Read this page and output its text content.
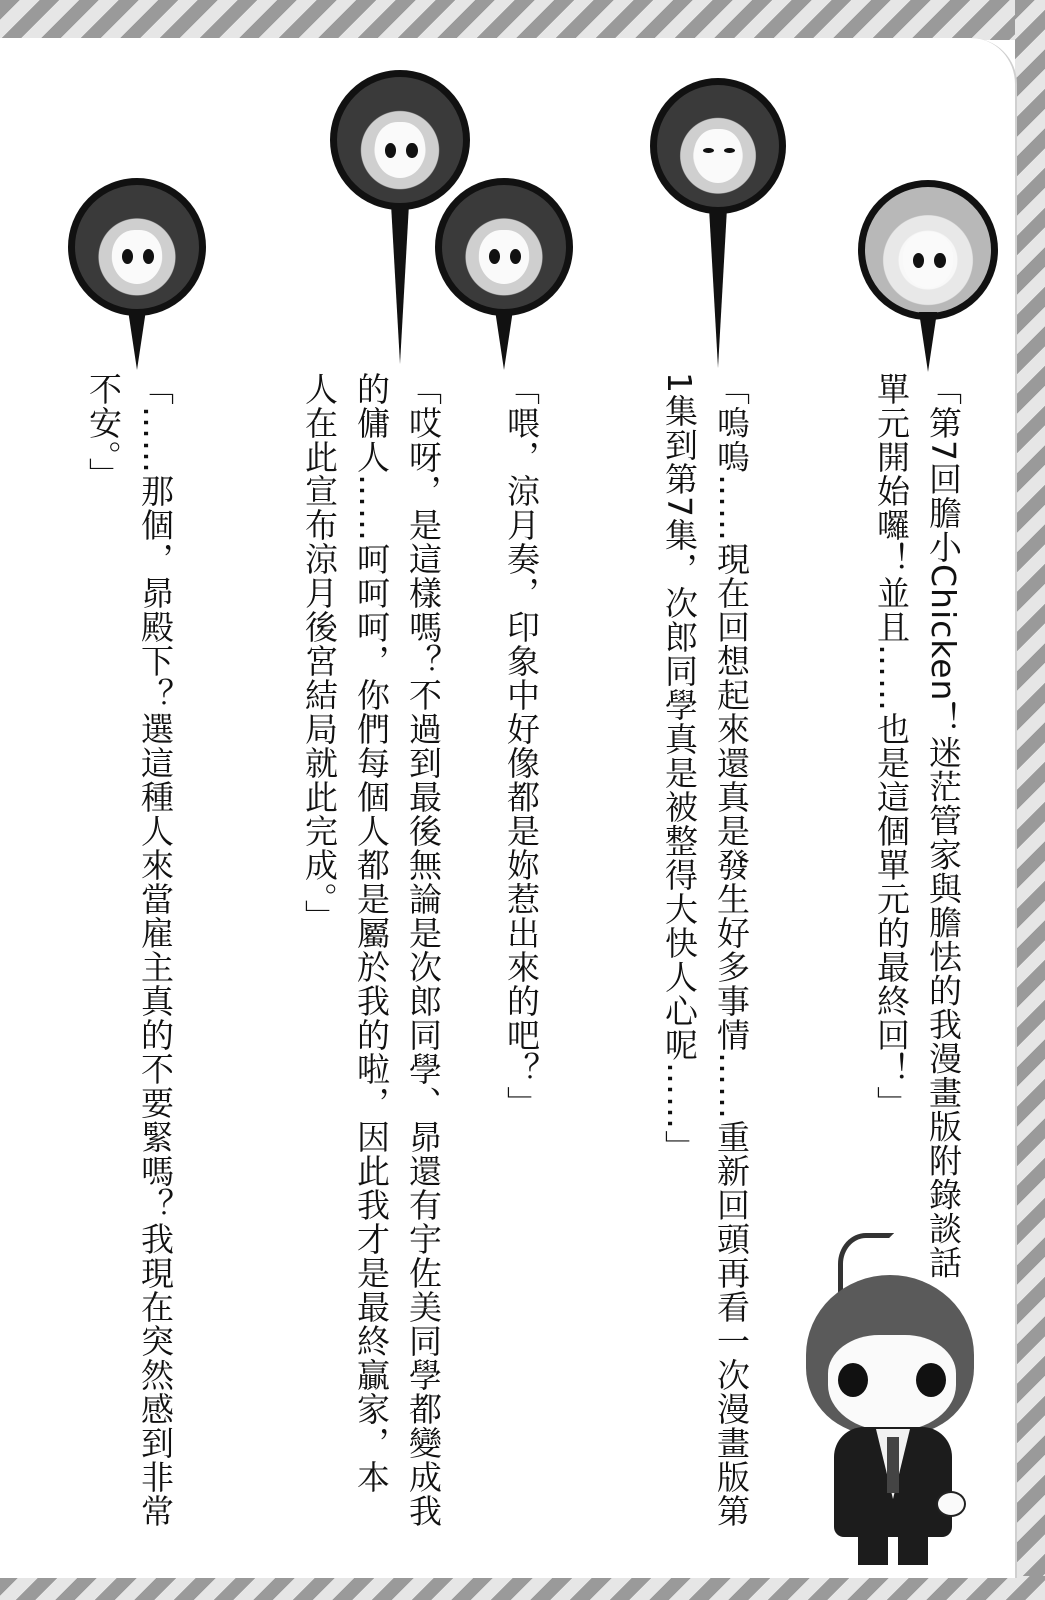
「第7回膽小Chicken！迷茫管家與膽怯的我漫畫版附錄談話
單元開始囉！並且……也是這個單元的最終回！」
「嗚嗚……現在回想起來還真是發生好多事情……重新回頭再看一次漫畫版第
1集到第7集，次郎同學真是被整得大快人心呢……」
「喂，涼月奏，印象中好像都是妳惹出來的吧？」
「哎呀，是這樣嗎？不過到最後無論是次郎同學、昴還有宇佐美同學都變成我
的傭人……呵呵呵，你們每個人都是屬於我的啦，因此我才是最終贏家，本
人在此宣布涼月後宮結局就此完成。」
「……那個，昴殿下？選這種人來當雇主真的不要緊嗎？我現在突然感到非常
不安。」
